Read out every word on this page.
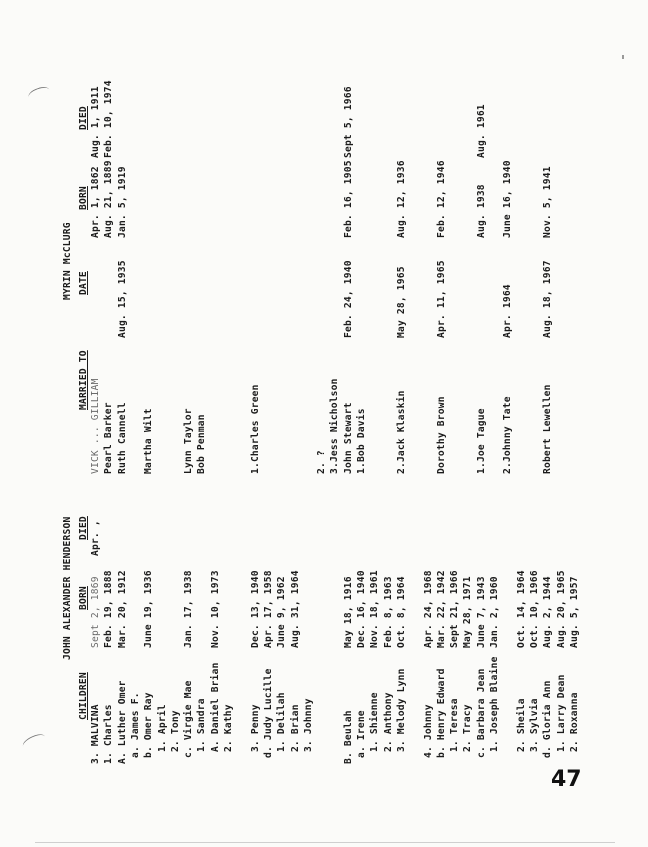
JOHN ALEXANDER HENDERSON
MYRIN McCLURG
CHILDREN
BORN
DIED
MARRIED TO
DATE
BORN
DIED
3. MALVINA
Sept 2, 1869
Apr. ,
VICK ... GILLIAM
Apr. 1, 1862
Aug. 1, 1911
1. Charles
Feb. 19, 1888
Pearl Barker
Aug. 21, 1889
Feb. 10, 1974
A. Luther Omer
Mar. 20, 1912
Ruth Cannell
Aug. 15, 1935
Jan. 5, 1919
a. James F. b. Omer Ray
June 19, 1936
Martha Wilt
1. April 2. Tony c. Virgie Mae
Jan. 17, 1938
Lynn Taylor
1. Sandra
Bob Penman
A. Daniel Brian
Nov. 10, 1973
2. Kathy 3. Penny
Dec. 13, 1940
1.Charles Green
d. Judy Lucille
Apr. 17, 1958
1. Delilah
June 9, 1962
2. Brian
Aug. 31, 1964
3. Johnny
2. ? 3.Jess Nicholson
B. Beulah
May 18, 1916
John Stewart
Feb. 24, 1940
Feb. 16, 1905
Sept 5, 1966
a. Irene
Dec. 16, 1940
1.Bob Davis
1. Shienne
Nov. 18, 1961
2. Anthony
Feb. 8, 1963
3. Melody Lynn
Oct. 8, 1964
2.Jack Klaskin
May 28, 1965
Aug. 12, 1936
4. Johnny
Apr. 24, 1968
b. Henry Edward
Mar. 22, 1942
Dorothy Brown
Apr. 11, 1965
Feb. 12, 1946
1. Teresa
Sept 21, 1966
2. Tracy
May 28, 1971
c. Barbara Jean
June 7, 1943
1.Joe Tague
Aug. 1938
Aug. 1961
1. Joseph Blaine
Jan. 2, 1960
2.Johnny Tate
Apr. 1964
June 16, 1940
2. Sheila
Oct. 14, 1964
3. Sylvia
Oct. 10, 1966
d. Gloria Ann
Aug. 2, 1944
Robert Lewellen
Aug. 18, 1967
Nov. 5, 1941
1. Larry Dean
Aug. 20, 1965
2. Roxanna
Aug. 5, 1957
47
